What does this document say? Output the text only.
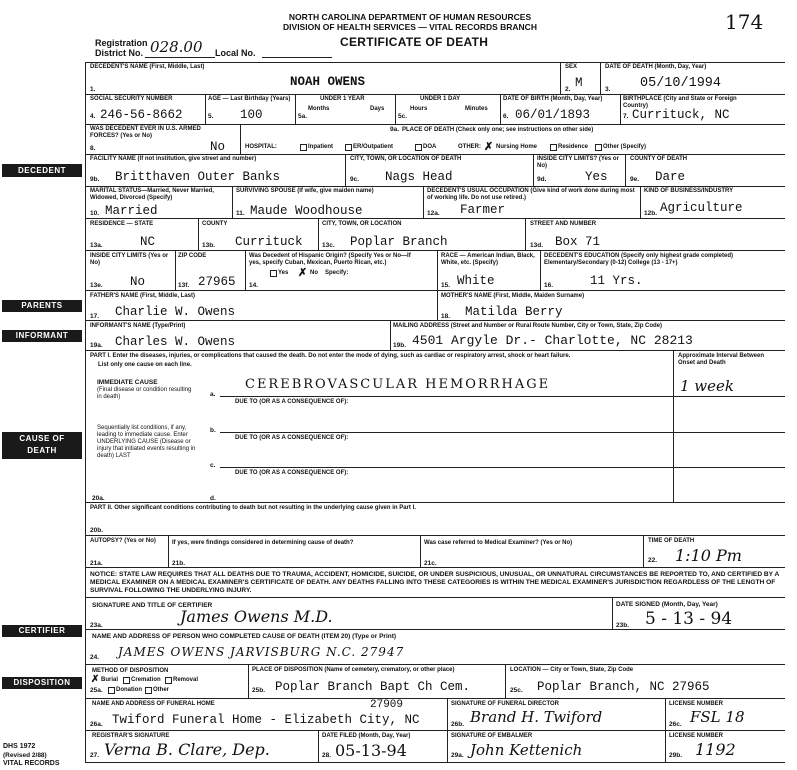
NORTH CAROLINA DEPARTMENT OF HUMAN RESOURCES
DIVISION OF HEALTH SERVICES — VITAL RECORDS BRANCH
CERTIFICATE OF DEATH
174
Registration
District No. 028.00 Local No.
DECEDENT'S NAME (First, Middle, Last)
NOAH OWENS
1.
SEX
M
2.
DATE OF DEATH (Month, Day, Year)
05/10/1994
3.
SOCIAL SECURITY NUMBER
4. 246-56-8662
AGE — Last Birthday (Years)
5. 100
UNDER 1 YEAR
Months	Days
5a.
UNDER 1 DAY
Hours	Minutes
5c.
DATE OF BIRTH (Month, Day, Year)
6. 06/01/1893
BIRTHPLACE (City and State or Foreign Country)
7. Currituck, NC
WAS DECEDENT EVER IN U.S. ARMED FORCES? (Yes or No)
8.	No
9a. PLACE OF DEATH (Check only one; see instructions on other side)
HOSPITAL:	Inpatient	ER/Outpatient	DOA	OTHER: ✗ Nursing Home	Residence Other (Specify)
DECEDENT
FACILITY NAME (If not institution, give street and number)
9b. Britthaven Outer Banks
CITY, TOWN, OR LOCATION OF DEATH
9c. Nags Head
INSIDE CITY LIMITS? (Yes or No)
9d.	Yes
COUNTY OF DEATH
9e. Dare
MARITAL STATUS—Married, Never Married, Widowed, Divorced (Specify)
10. Married
SURVIVING SPOUSE (If wife, give maiden name)
11. Maude Woodhouse
DECEDENT'S USUAL OCCUPATION (Give kind of work done during most of working life. Do not use retired.)
12a. Farmer
KIND OF BUSINESS/INDUSTRY
12b. Agriculture
RESIDENCE — STATE
13a.	NC
COUNTY
13b. Currituck
CITY, TOWN, OR LOCATION
13c. Poplar Branch
STREET AND NUMBER
13d. Box 71
INSIDE CITY LIMITS (Yes or No)
13e. No
ZIP CODE
13f. 27965
Was Decedent of Hispanic Origin? (Specify Yes or No—If yes, specify Cuban, Mexican, Puerto Rican, etc.)
Yes ✗ No Specify:
14.
RACE — American Indian, Black, White, etc. (Specify)
15. White
DECEDENT'S EDUCATION (Specify only highest grade completed) Elementary/Secondary (0-12) College (13 - 17+)
16.	11 Yrs.
PARENTS
FATHER'S NAME (First, Middle, Last)
17. Charlie W. Owens
MOTHER'S NAME (First, Middle, Maiden Surname)
18. Matilda Berry
INFORMANT
INFORMANT'S NAME (Type/Print)
19a. Charles W. Owens
MAILING ADDRESS (Street and Number or Rural Route Number, City or Town, State, Zip Code)
19b. 4501 Argyle Dr.- Charlotte, NC 28213
CAUSE OF
DEATH
PART I. Enter the diseases, injuries, or complications that caused the death. Do not enter the mode of dying, such as cardiac or respiratory arrest, shock or heart failure.
List only one cause on each line.
Approximate Interval Between Onset and Death
IMMEDIATE CAUSE
(Final disease or condition resulting in death)	a.
CEREBROVASCULAR HEMORRHAGE	1 week
DUE TO (OR AS A CONSEQUENCE OF):
Sequentially list conditions, if any, leading to immediate cause. Enter UNDERLYING CAUSE (Disease or injury that initiated events resulting in death) LAST
b.
DUE TO (OR AS A CONSEQUENCE OF):
c.
DUE TO (OR AS A CONSEQUENCE OF):
20a.	d.
PART II. Other significant conditions contributing to death but not resulting in the underlying cause given in Part I.
20b.
AUTOPSY? (Yes or No)
21a.
If yes, were findings considered in determining cause of death?
21b.
Was case referred to Medical Examiner? (Yes or No)
21c.
TIME OF DEATH
22. 1:10 Pm
NOTICE: STATE LAW REQUIRES THAT ALL DEATHS DUE TO TRAUMA, ACCIDENT, HOMICIDE, SUICIDE, OR UNDER SUSPICIOUS, UNUSUAL, OR UNNATURAL CIRCUMSTANCES BE REPORTED TO, AND CERTIFIED BY A MEDICAL EXAMINER ON A MEDICAL EXAMINER'S CERTIFICATE OF DEATH. ANY DEATHS FALLING INTO THESE CATEGORIES IS WITHIN THE MEDICAL EXAMINER'S JURISDICTION REGARDLESS OF THE LENGTH OF SURVIVAL FOLLOWING THE UNDERLYING INJURY.
CERTIFIER
SIGNATURE AND TITLE OF CERTIFIER
James Owens M.D.
23a.
DATE SIGNED (Month, Day, Year)
23b. 5 - 13 - 94
NAME AND ADDRESS OF PERSON WHO COMPLETED CAUSE OF DEATH (ITEM 20) (Type or Print)
24. JAMES OWENS JARVISBURG N.C. 27947
DISPOSITION
METHOD OF DISPOSITION
✗ Burial Cremation Removal
25a. Donation Other
PLACE OF DISPOSITION (Name of cemetery, crematory, or other place)
25b. Poplar Branch Bapt Ch Cem.
LOCATION — City or Town, State, Zip Code
25c. Poplar Branch, NC 27965
NAME AND ADDRESS OF FUNERAL HOME	27909
26a. Twiford Funeral Home - Elizabeth City, NC
SIGNATURE OF FUNERAL DIRECTOR
26b. Brand H. Twiford
LICENSE NUMBER
26c. FSL 18
REGISTRAR'S SIGNATURE
27. Verna B. Clare, Dep.
DATE FILED (Month, Day, Year)
28. 05-13-94
SIGNATURE OF EMBALMER
29a. John Kettenich
LICENSE NUMBER
29b. 1192
DHS 1972
(Revised 2/88)
VITAL RECORDS
